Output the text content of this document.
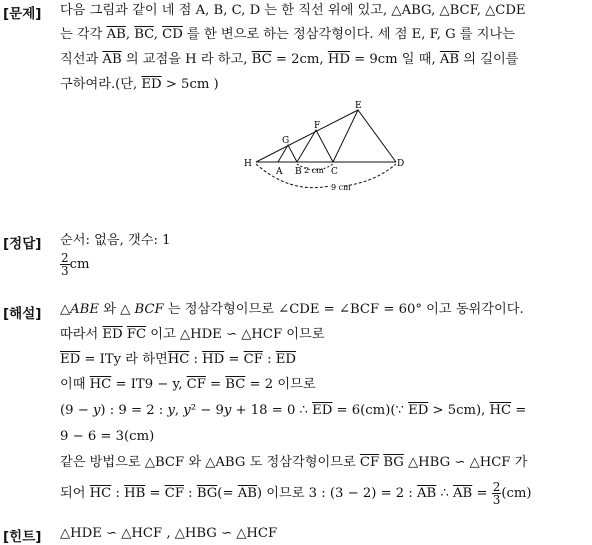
[문제] 다음 그림과 같이 네 점 A, B, C, D 는 한 직선 위에 있고, △ABG, △BCF, △CDE
는 각각 $\overline{AB}$, $\overline{BC}$, $\overline{CD}$ 를 한 변으로 하는 정삼각형이다. 세 점 E, F, G 를 지나는
직선과 $\overline{AB}$ 의 교점을 H 라 하고, $\overline{BC} = 2cm$, $\overline{HD} = 9cm$ 일 때, $\overline{AB}$ 의 길이를
구하여라.(단, $\overline{ED} > 5cm$ )
H
A B	C
D
G
F
E
2 cm
9 cm
[정답] 순서: 없음, 갯수: 1
$\frac{2}{3}$ cm
[해설] △ABE 와 △ BCF 는 정삼각형이므로 ∠CDE = ∠BCF = 60° 이고 동위각이다.
따라서 $\overline{ED}$ $\overline{FC}$ 이고 △HDE ∽ △HCF 이므로
$\overline{ED}$ = ITy 라 하면$\overline{HC}$ : $\overline{HD} = \overline{CF}$ : $\overline{ED}$
이때 $\overline{HC} = IT9 - y$, $\overline{CF} = \overline{BC} = 2$ 이므로
(9 − y) : 9 = 2 : y, y² − 9y + 18 = 0 ∴ $\overline{ED}$ = 6(cm)(∵ $\overline{ED} > 5cm$), $\overline{HC}$ =
9 − 6 = 3(cm)
같은 방법으로 △BCF 와 △ABG 도 정삼각형이므로 $\overline{CF}$ $\overline{BG}$ △HBG ∽ △HCF 가
되어 $\overline{HC}$ : $\overline{HB} = \overline{CF}$ : $\overline{BG}(= \overline{AB})$ 이므로 3 : (3 − 2) = 2 : $\overline{AB}$ ∴ $\overline{AB} = \frac{2}{3} (cm)$
[힌트] △HDE ∽ △HCF , △HBG ∽ △HCF
